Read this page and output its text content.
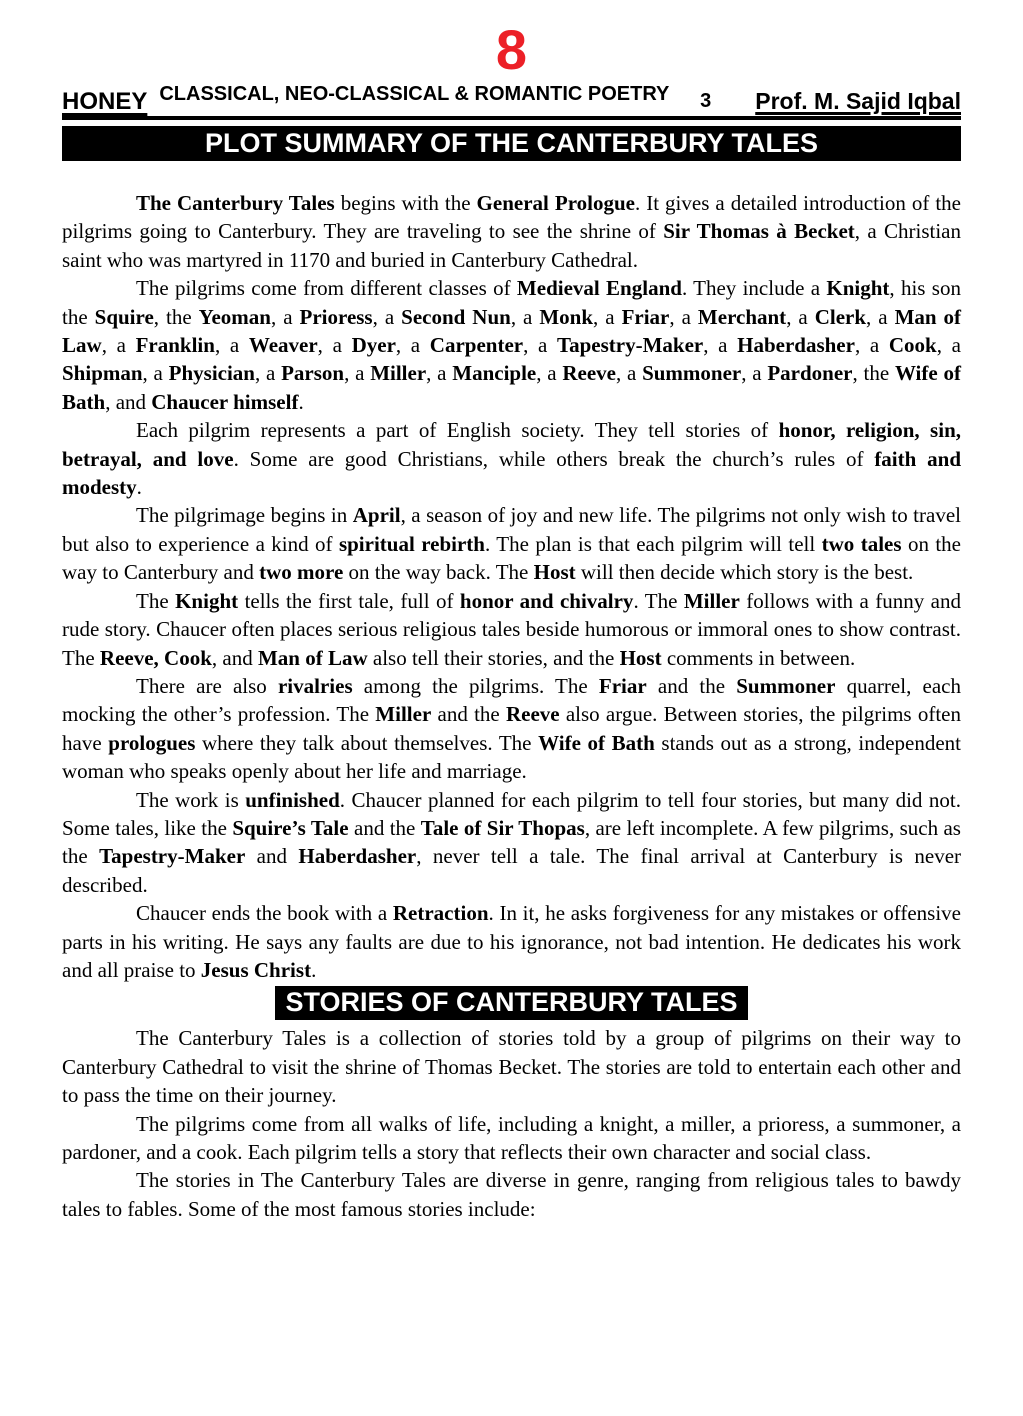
8
HONEY CLASSICAL, NEO-CLASSICAL & ROMANTIC POETRY 3 Prof. M. Sajid Iqbal
PLOT SUMMARY OF THE CANTERBURY TALES

The Canterbury Tales begins with the General Prologue. It gives a detailed introduction of the pilgrims going to Canterbury. They are traveling to see the shrine of Sir Thomas à Becket, a Christian saint who was martyred in 1170 and buried in Canterbury Cathedral.

The pilgrims come from different classes of Medieval England. They include a Knight, his son the Squire, the Yeoman, a Prioress, a Second Nun, a Monk, a Friar, a Merchant, a Clerk, a Man of Law, a Franklin, a Weaver, a Dyer, a Carpenter, a Tapestry-Maker, a Haberdasher, a Cook, a Shipman, a Physician, a Parson, a Miller, a Manciple, a Reeve, a Summoner, a Pardoner, the Wife of Bath, and Chaucer himself.

Each pilgrim represents a part of English society. They tell stories of honor, religion, sin, betrayal, and love. Some are good Christians, while others break the church’s rules of faith and modesty.

The pilgrimage begins in April, a season of joy and new life. The pilgrims not only wish to travel but also to experience a kind of spiritual rebirth. The plan is that each pilgrim will tell two tales on the way to Canterbury and two more on the way back. The Host will then decide which story is the best.

The Knight tells the first tale, full of honor and chivalry. The Miller follows with a funny and rude story. Chaucer often places serious religious tales beside humorous or immoral ones to show contrast. The Reeve, Cook, and Man of Law also tell their stories, and the Host comments in between.

There are also rivalries among the pilgrims. The Friar and the Summoner quarrel, each mocking the other’s profession. The Miller and the Reeve also argue. Between stories, the pilgrims often have prologues where they talk about themselves. The Wife of Bath stands out as a strong, independent woman who speaks openly about her life and marriage.

The work is unfinished. Chaucer planned for each pilgrim to tell four stories, but many did not. Some tales, like the Squire’s Tale and the Tale of Sir Thopas, are left incomplete. A few pilgrims, such as the Tapestry-Maker and Haberdasher, never tell a tale. The final arrival at Canterbury is never described.

Chaucer ends the book with a Retraction. In it, he asks forgiveness for any mistakes or offensive parts in his writing. He says any faults are due to his ignorance, not bad intention. He dedicates his work and all praise to Jesus Christ.

STORIES OF CANTERBURY TALES

The Canterbury Tales is a collection of stories told by a group of pilgrims on their way to Canterbury Cathedral to visit the shrine of Thomas Becket. The stories are told to entertain each other and to pass the time on their journey.

The pilgrims come from all walks of life, including a knight, a miller, a prioress, a summoner, a pardoner, and a cook. Each pilgrim tells a story that reflects their own character and social class.

The stories in The Canterbury Tales are diverse in genre, ranging from religious tales to bawdy tales to fables. Some of the most famous stories include:
